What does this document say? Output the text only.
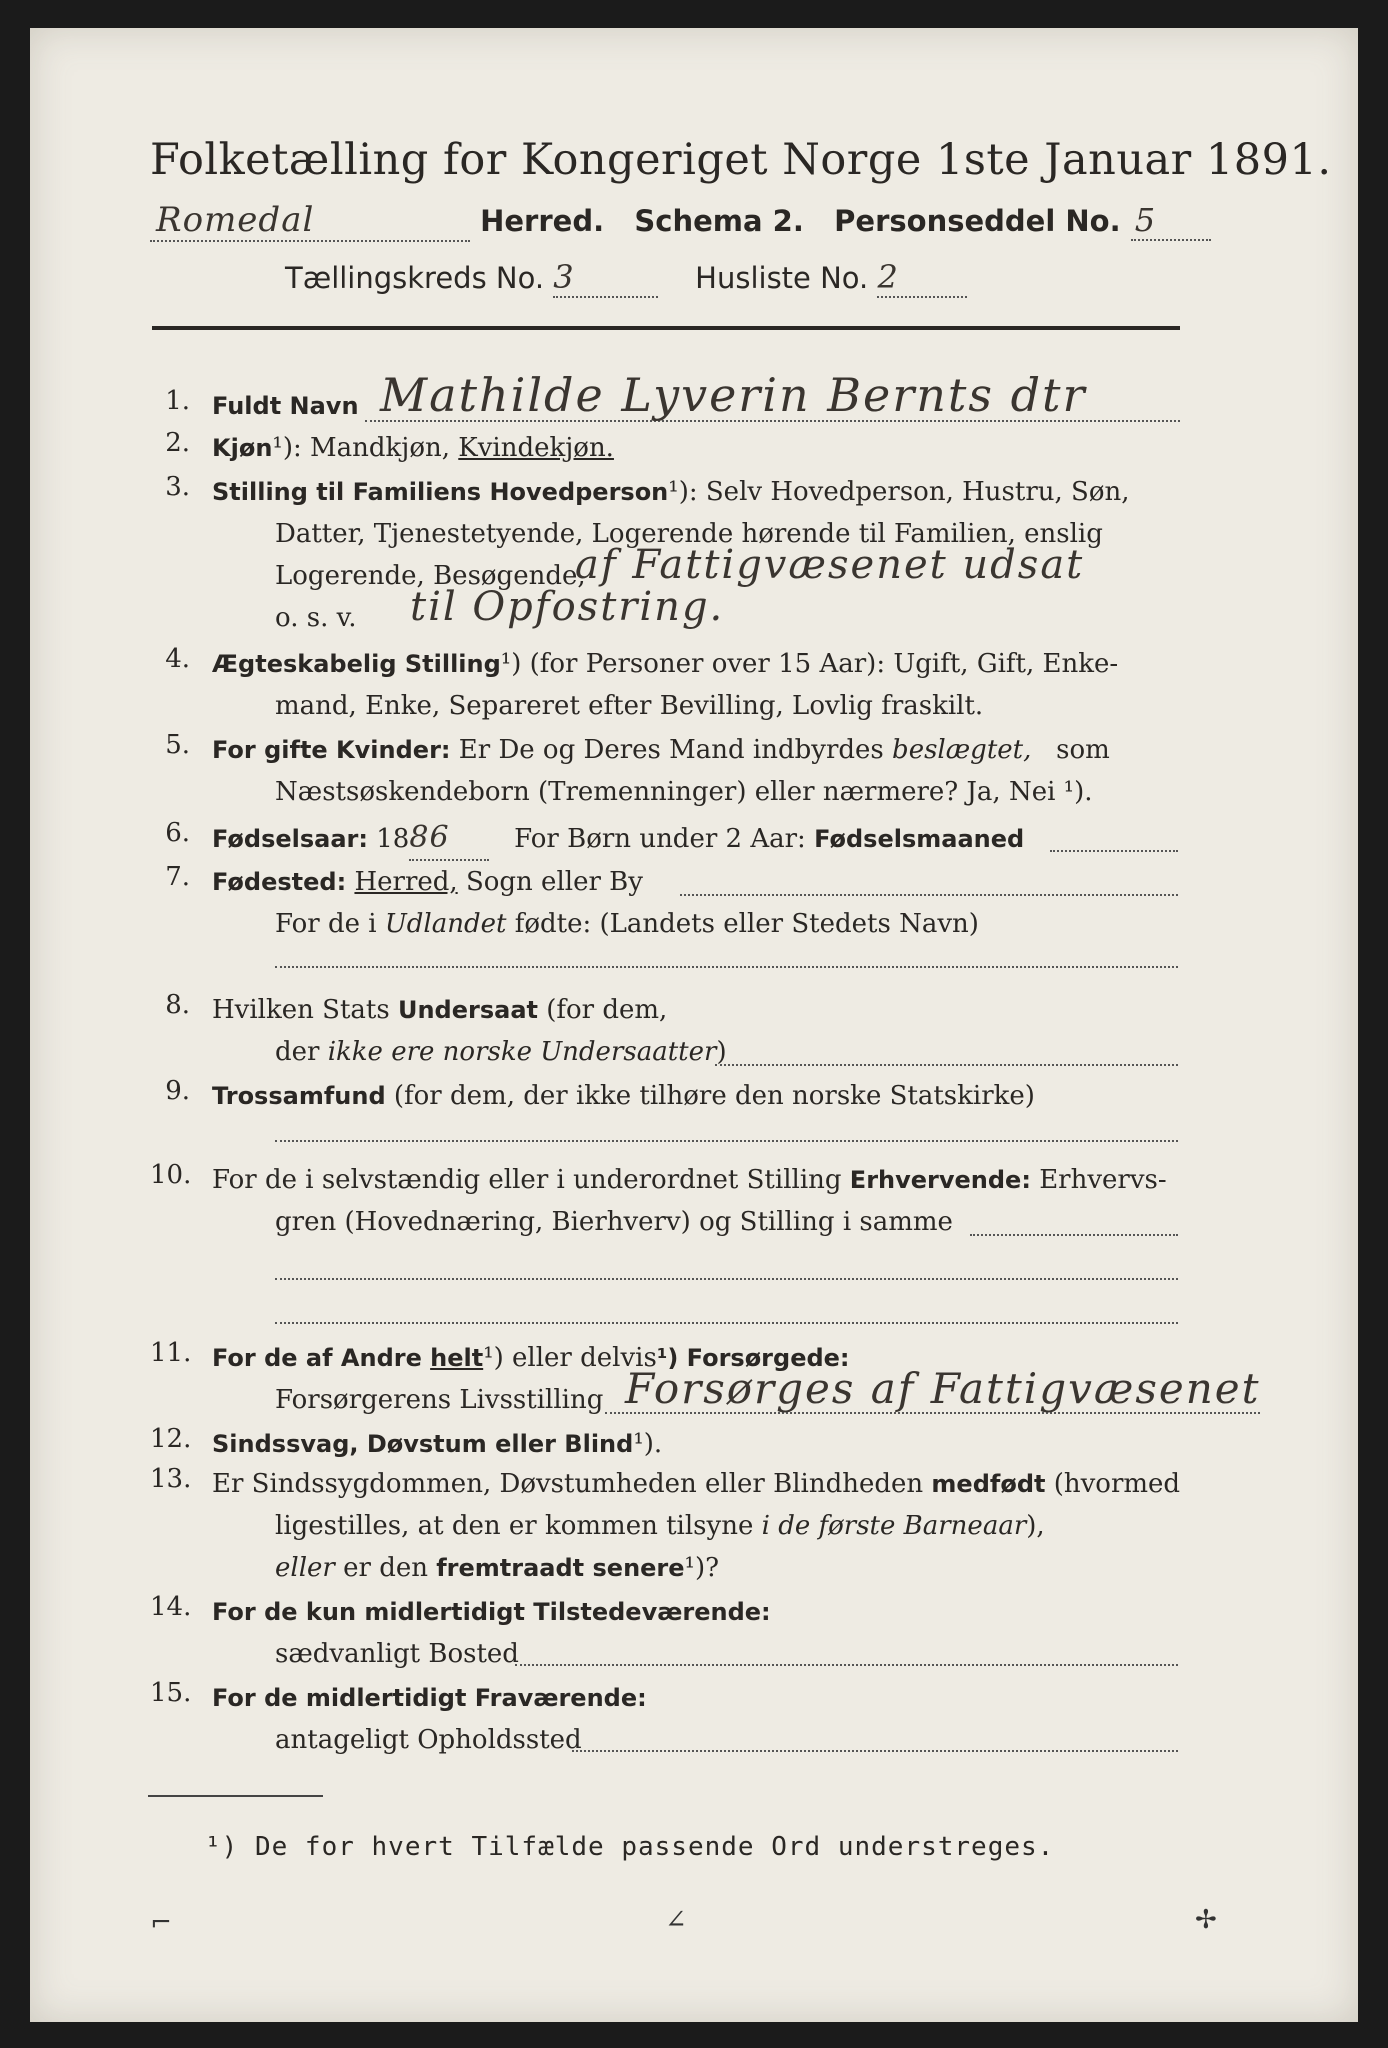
Folketælling for Kongeriget Norge 1ste Januar 1891.
Romedal	Herred. Schema 2. Personseddel No. 5
Tællingskreds No. 3	Husliste No. 2
1. Fuldt Navn Mathilde Lyverin Bernts dtr
2. Kjøn¹): Mandkjøn, Kvindekjøn.
3. Stilling til Familiens Hovedperson¹): Selv Hovedperson, Hustru, Søn,
Datter, Tjenestetyende, Logerende hørende til Familien, enslig
Logerende, Besøgende,
af Fattigvæsenet udsat
o. s. v. til Opfostring.
4. Ægteskabelig Stilling¹) (for Personer over 15 Aar): Ugift, Gift, Enke-
mand, Enke, Separeret efter Bevilling, Lovlig fraskilt.
5. For gifte Kvinder: Er De og Deres Mand indbyrdes beslægtet, som
Næstsøskendeborn (Tremenninger) eller nærmere? Ja, Nei ¹).
6. Fødselsaar: 1886 For Børn under 2 Aar: Fødselsmaaned
7. Fødested: Herred, Sogn eller By
For de i Udlandet fødte: (Landets eller Stedets Navn)
8. Hvilken Stats Undersaat (for dem,
der ikke ere norske Undersaatter)
9. Trossamfund (for dem, der ikke tilhøre den norske Statskirke)
10. For de i selvstændig eller i underordnet Stilling Erhvervende: Erhvervs-
gren (Hovednæring, Bierhverv) og Stilling i samme
11. For de af Andre helt¹) eller delvis¹) Forsørgede:
Forsørgerens Livsstilling Forsørges af Fattigvæsenet
12. Sindssvag, Døvstum eller Blind¹).
13. Er Sindssygdommen, Døvstumheden eller Blindheden medfødt (hvormed
ligestilles, at den er kommen tilsyne i de første Barneaar),
eller er den fremtraadt senere¹)?
14. For de kun midlertidigt Tilstedeværende:
sædvanligt Bosted
15. For de midlertidigt Fraværende:
antageligt Opholdssted
¹) De for hvert Tilfælde passende Ord understreges.
⌐	∠	✢
